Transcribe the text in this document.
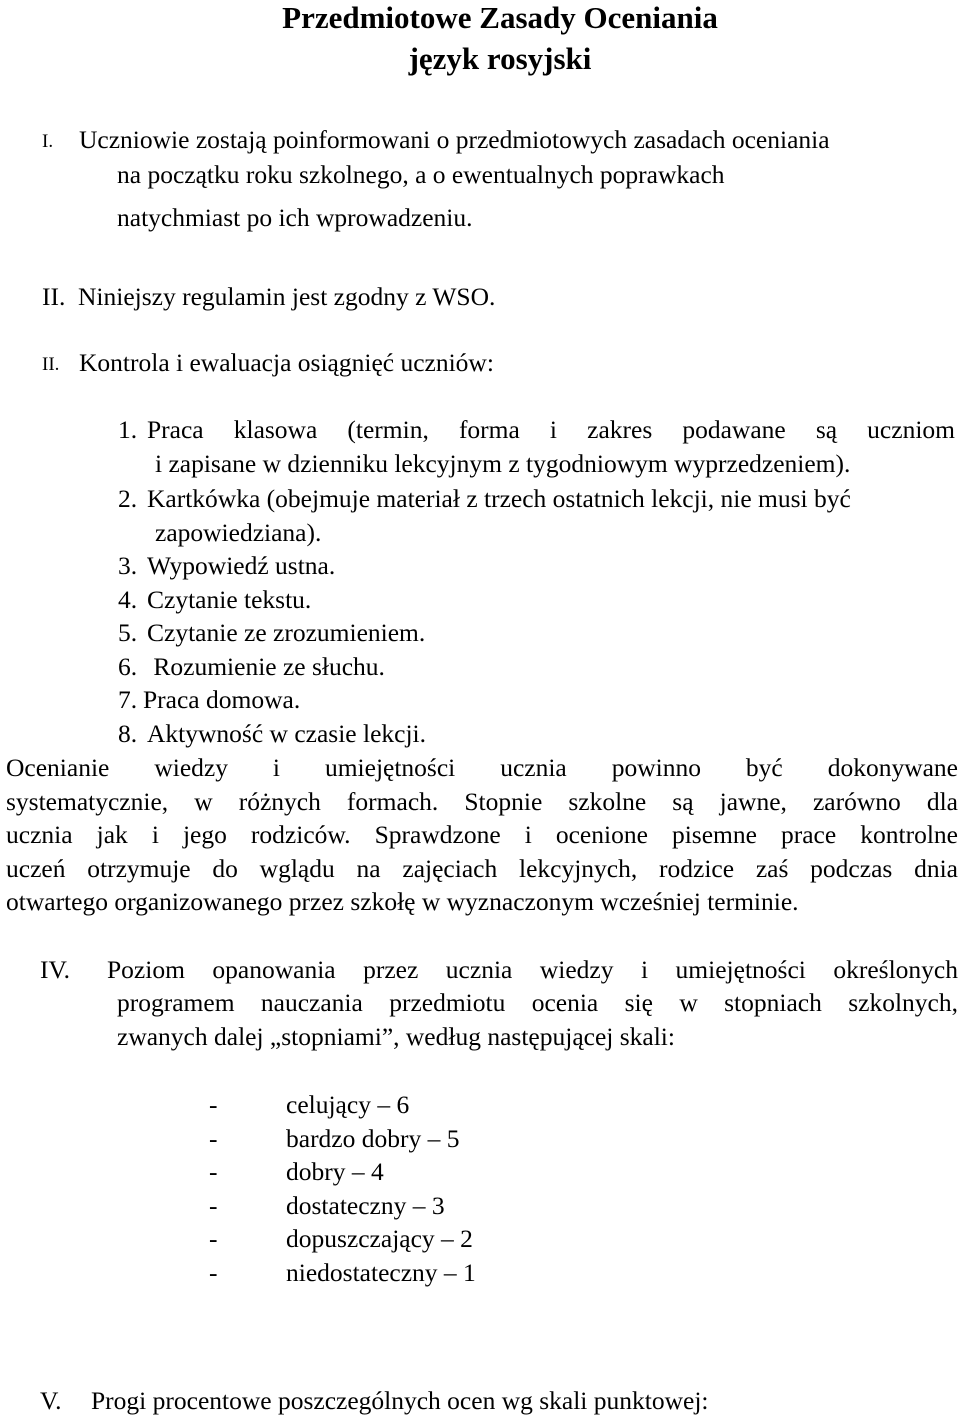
Przedmiotowe Zasady Oceniania
język rosyjski
I. Uczniowie zostają poinformowani o przedmiotowych zasadach oceniania
na początku roku szkolnego, a o ewentualnych poprawkach
natychmiast po ich wprowadzeniu.
II. Niniejszy regulamin jest zgodny z WSO.
II. Kontrola i ewaluacja osiągnięć uczniów:
1. Praca klasowa (termin, forma i zakres podawane są uczniom
i zapisane w dzienniku lekcyjnym z tygodniowym wyprzedzeniem).
2. Kartkówka (obejmuje materiał z trzech ostatnich lekcji, nie musi być
zapowiedziana).
3. Wypowiedź ustna.
4. Czytanie tekstu.
5. Czytanie ze zrozumieniem.
6. Rozumienie ze słuchu.
7. Praca domowa.
8. Aktywność w czasie lekcji.
Ocenianie wiedzy i umiejętności ucznia powinno być dokonywane
systematycznie, w różnych formach. Stopnie szkolne są jawne, zarówno dla
ucznia jak i jego rodziców. Sprawdzone i ocenione pisemne prace kontrolne
uczeń otrzymuje do wglądu na zajęciach lekcyjnych, rodzice zaś podczas dnia
otwartego organizowanego przez szkołę w wyznaczonym wcześniej terminie.
IV. Poziom opanowania przez ucznia wiedzy i umiejętności określonych
programem nauczania przedmiotu ocenia się w stopniach szkolnych,
zwanych dalej „stopniami”, według następującej skali:
-	celujący – 6
-	bardzo dobry – 5
-	dobry – 4
-	dostateczny – 3
-	dopuszczający – 2
-	niedostateczny – 1
V. Progi procentowe poszczególnych ocen wg skali punktowej:
